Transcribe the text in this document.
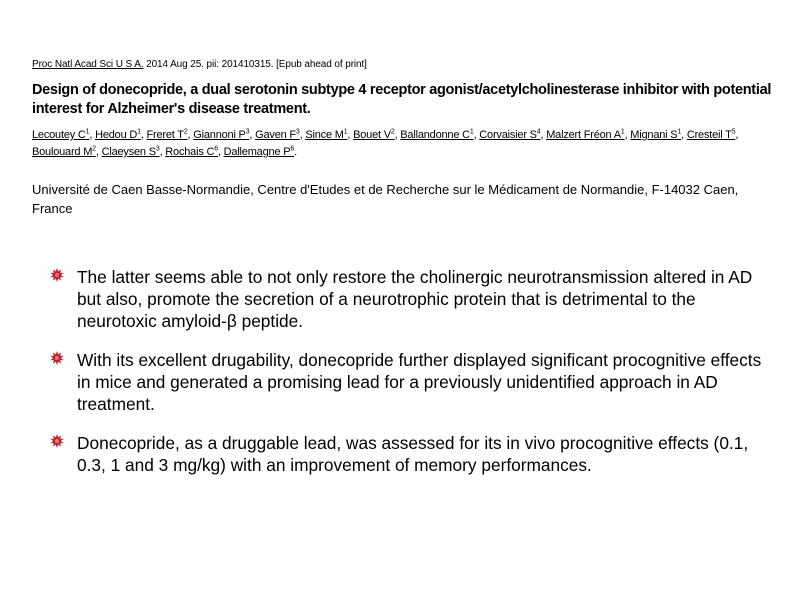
Proc Natl Acad Sci U S A. 2014 Aug 25. pii: 201410315. [Epub ahead of print]
Design of donecopride, a dual serotonin subtype 4 receptor agonist/acetylcholinesterase inhibitor with potential interest for Alzheimer's disease treatment.
Lecoutey $C^1$, Hedou $D^1$, Freret $T^2$, Giannoni $P^3$, Gaven $F^3$, Since $M^1$, Bouet $V^2$, Ballandonne $C^1$, Corvaisier $S^4$, Malzert Fréon $A^1$, Mignani $S^1$, Cresteil $T^5$, Boulouard $M^2$, Claeysen $S^3$, Rochais $C^6$, Dallemagne $P^6$.
Université de Caen Basse-Normandie, Centre d'Etudes et de Recherche sur le Médicament de Normandie, F-14032 Caen, France
The latter seems able to not only restore the cholinergic neurotransmission altered in AD but also, promote the secretion of a neurotrophic protein that is detrimental to the neurotoxic amyloid-β peptide.
With its excellent drugability, donecopride further displayed significant procognitive effects in mice and generated a promising lead for a previously unidentified approach in AD treatment.
Donecopride, as a druggable lead, was assessed for its in vivo procognitive effects (0.1, 0.3, 1 and 3 mg/kg) with an improvement of memory performances.
